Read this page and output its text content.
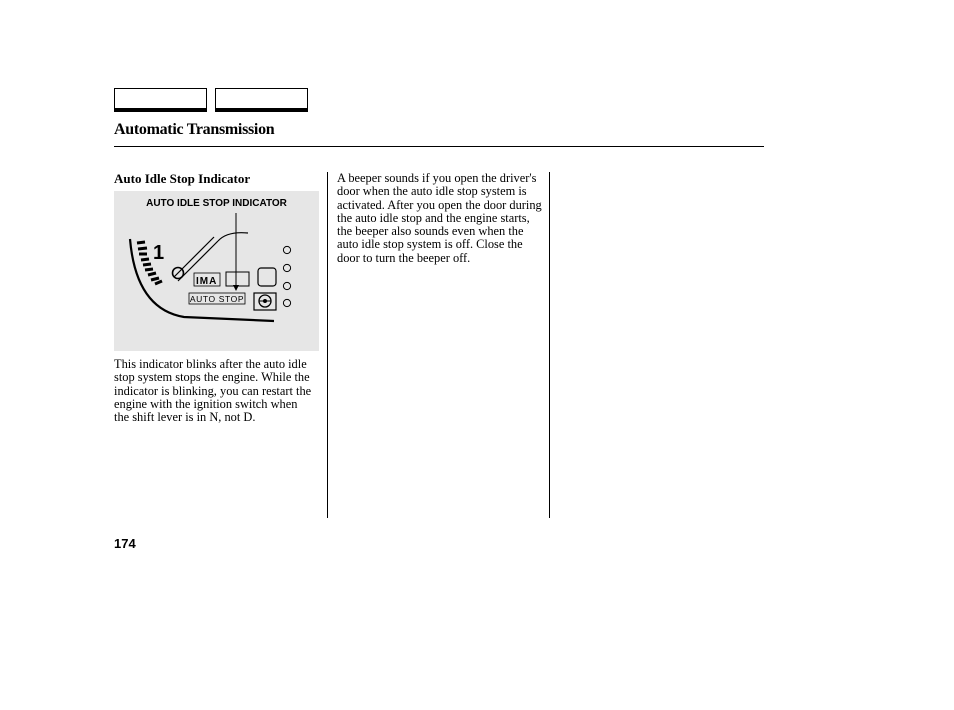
Automatic Transmission
Auto Idle Stop Indicator
AUTO IDLE STOP INDICATOR
1
IMA
AUTO STOP

This indicator blinks after the auto idle stop system stops the engine. While the indicator is blinking, you can restart the engine with the ignition switch when the shift lever is in N, not D.

A beeper sounds if you open the driver's door when the auto idle stop system is activated. After you open the door during the auto idle stop and the engine starts, the beeper also sounds even when the auto idle stop system is off. Close the door to turn the beeper off.

174
